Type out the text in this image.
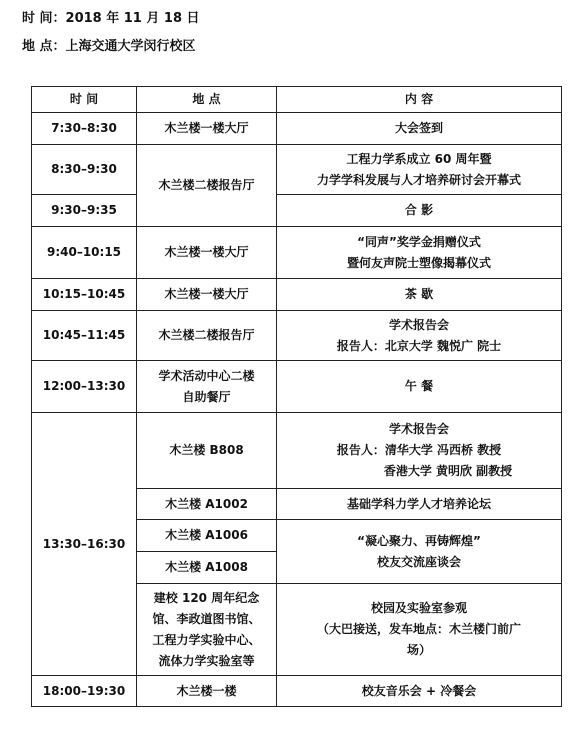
时 间：2018 年 11 月 18 日
地 点：上海交通大学闵行校区
时 间	地 点	内 容
7:30–8:30	木兰楼一楼大厅	大会签到

8:30–9:30	木兰楼二楼报告厅	工程力学系成立 60 周年暨
力学学科发展与人才培养研讨会开幕式

9:30–9:35		合 影

9:40–10:15	木兰楼一楼大厅	“同声”奖学金捐赠仪式
暨何友声院士塑像揭幕仪式

10:15–10:45	木兰楼一楼大厅	茶 歇

10:45–11:45	木兰楼二楼报告厅	学术报告会
报告人：北京大学 魏悦广 院士

12:00–13:30	学术活动中心二楼
自助餐厅	午 餐

13:30–16:30	木兰楼 B808	学术报告会
报告人：清华大学 冯西桥 教授
香港大学 黄明欣 副教授

	木兰楼 A1002	基础学科力学人才培养论坛

	木兰楼 A1006	“凝心聚力、再铸辉煌”
校友交流座谈会

	木兰楼 A1008	

	建校 120 周年纪念
馆、李政道图书馆、
工程力学实验中心、
流体力学实验室等	校园及实验室参观
（大巴接送，发车地点：木兰楼门前广
场）

18:00–19:30	木兰楼一楼	校友音乐会 + 冷餐会
